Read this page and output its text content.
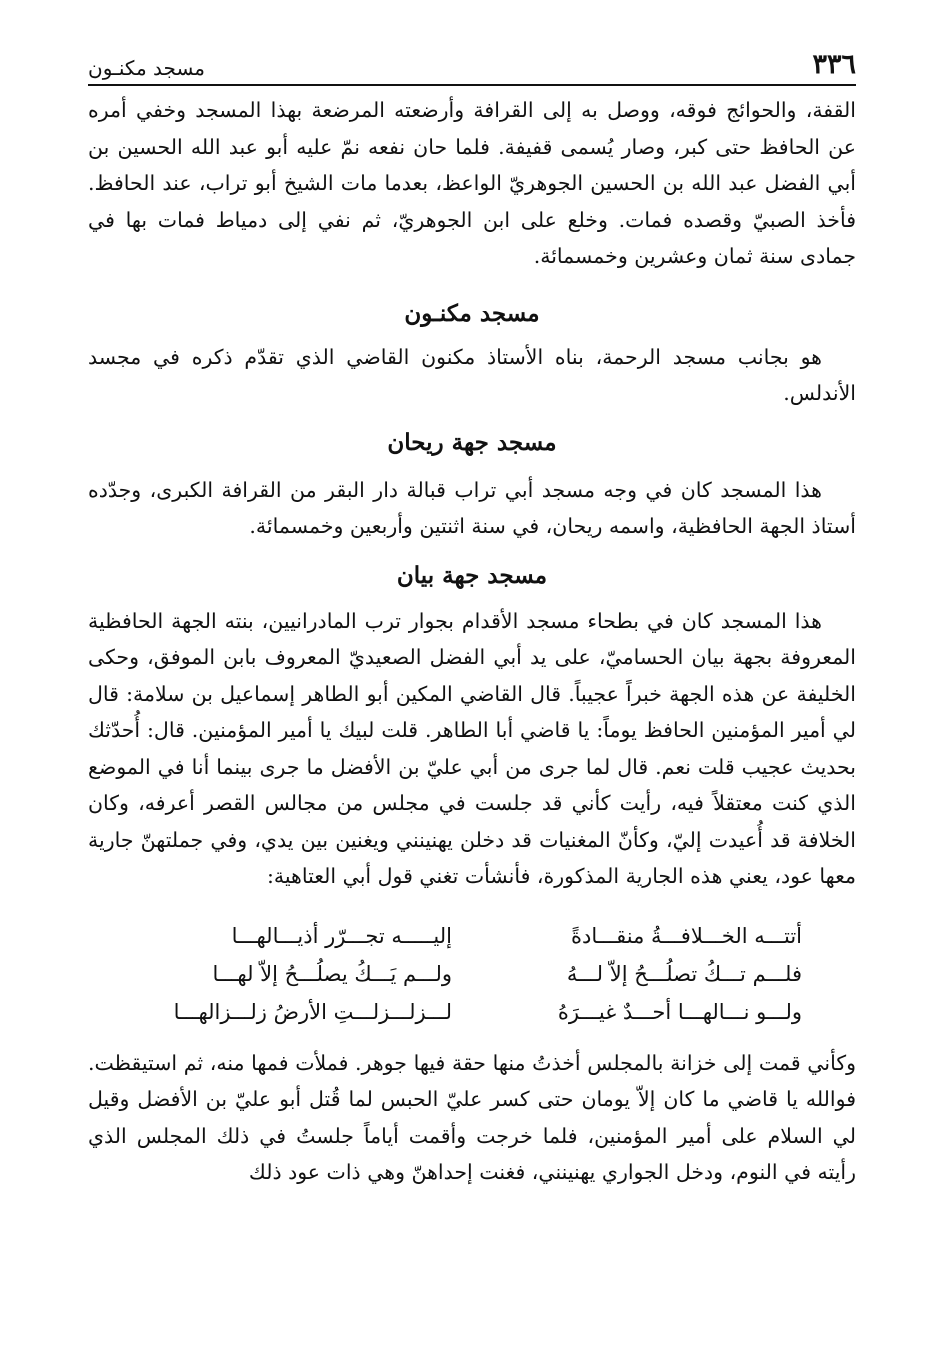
٣٣٦
مسجد مكنـون

القفة، والحوائج فوقه، ووصل به إلى القرافة وأرضعته المرضعة بهذا المسجد وخفي أمره عن الحافظ حتى كبر، وصار يُسمى قفيفة. فلما حان نفعه نمّ عليه أبو عبد الله الحسين بن أبي الفضل عبد الله بن الحسين الجوهريّ الواعظ، بعدما مات الشيخ أبو تراب، عند الحافظ. فأخذ الصبيّ وقصده فمات. وخلع على ابن الجوهريّ، ثم نفي إلى دمياط فمات بها في جمادى سنة ثمان وعشرين وخمسمائة.

مسجد مكنـون

هو بجانب مسجد الرحمة، بناه الأستاذ مكنون القاضي الذي تقدّم ذكره في مجسد الأندلس.

مسجد جهة ريحان

هذا المسجد كان في وجه مسجد أبي تراب قبالة دار البقر من القرافة الكبرى، وجدّده أستاذ الجهة الحافظية، واسمه ريحان، في سنة اثنتين وأربعين وخمسمائة.

مسجد جهة بيان

هذا المسجد كان في بطحاء مسجد الأقدام بجوار ترب المادرانيين، بنته الجهة الحافظية المعروفة بجهة بيان الحساميّ، على يد أبي الفضل الصعيديّ المعروف بابن الموفق، وحكى الخليفة عن هذه الجهة خبراً عجيباً. قال القاضي المكين أبو الطاهر إسماعيل بن سلامة: قال لي أمير المؤمنين الحافظ يوماً: يا قاضي أبا الطاهر. قلت لبيك يا أمير المؤمنين. قال: أُحدّثك بحديث عجيب قلت نعم. قال لما جرى من أبي عليّ بن الأفضل ما جرى بينما أنا في الموضع الذي كنت معتقلاً فيه، رأيت كأني قد جلست في مجلس من مجالس القصر أعرفه، وكان الخلافة قد أُعيدت إليّ، وكأنّ المغنيات قد دخلن يهنينني ويغنين بين يدي، وفي جملتهنّ جارية معها عود، يعني هذه الجارية المذكورة، فأنشأت تغني قول أبي العتاهية:

أتتـــه الخـــلافـــةُ منقـــادةً
إليـــــه تجـــرّر أذيـــالهـــا
فلـــم تـــكُ تصلُـــحُ إلاّ لـــهُ
ولـــم يَـــكُ يصلُـــحُ إلاّ لهـــا
ولـــو نـــالهـــا أحـــدٌ غيـــرَهُ
لـــزلـــزلـــتِ الأرضُ زلـــزالهـــا

وكأني قمت إلى خزانة بالمجلس أخذتُ منها حقة فيها جوهر. فملأت فمها منه، ثم استيقظت. فوالله يا قاضي ما كان إلاّ يومان حتى كسر عليّ الحبس لما قُتل أبو عليّ بن الأفضل وقيل لي السلام على أمير المؤمنين، فلما خرجت وأقمت أياماً جلستُ في ذلك المجلس الذي رأيته في النوم، ودخل الجواري يهنينني، فغنت إحداهنّ وهي ذات عود ذلك
